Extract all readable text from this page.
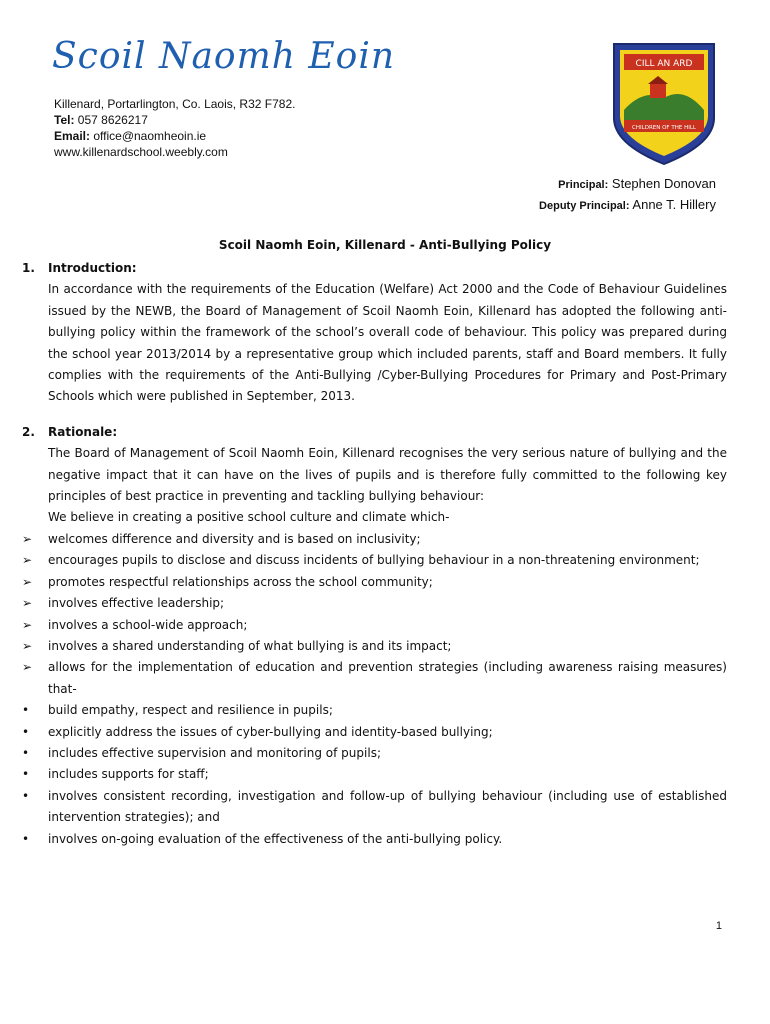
Scoil Naomh Eoin
Killenard, Portarlington, Co. Laois, R32 F782.
Tel: 057 8626217
Email: office@naomheoin.ie
www.killenardschool.weebly.com
CILL AN ARD
CHILDREN OF THE HILL
Principal: Stephen Donovan
Deputy Principal: Anne T. Hillery
Scoil Naomh Eoin, Killenard - Anti-Bullying Policy
1.	Introduction:
In accordance with the requirements of the Education (Welfare) Act 2000 and the Code of Behaviour Guidelines issued by the NEWB, the Board of Management of Scoil Naomh Eoin, Killenard has adopted the following anti-bullying policy within the framework of the school’s overall code of behaviour. This policy was prepared during the school year 2013/2014 by a representative group which included parents, staff and Board members. It fully complies with the requirements of the Anti-Bullying /Cyber-Bullying Procedures for Primary and Post-Primary Schools which were published in September, 2013.
2.	Rationale:
The Board of Management of Scoil Naomh Eoin, Killenard recognises the very serious nature of bullying and the negative impact that it can have on the lives of pupils and is therefore fully committed to the following key principles of best practice in preventing and tackling bullying behaviour:
We believe in creating a positive school culture and climate which-
➢	welcomes difference and diversity and is based on inclusivity;
➢	encourages pupils to disclose and discuss incidents of bullying behaviour in a non-threatening environment;
➢	promotes respectful relationships across the school community;
➢	involves effective leadership;
➢	involves a school-wide approach;
➢	involves a shared understanding of what bullying is and its impact;
➢	allows for the implementation of education and prevention strategies (including awareness raising measures) that-
•	build empathy, respect and resilience in pupils;
•	explicitly address the issues of cyber-bullying and identity-based bullying;
•	includes effective supervision and monitoring of pupils;
•	includes supports for staff;
•	involves consistent recording, investigation and follow-up of bullying behaviour (including use of established intervention strategies); and
•	involves on-going evaluation of the effectiveness of the anti-bullying policy.
1
